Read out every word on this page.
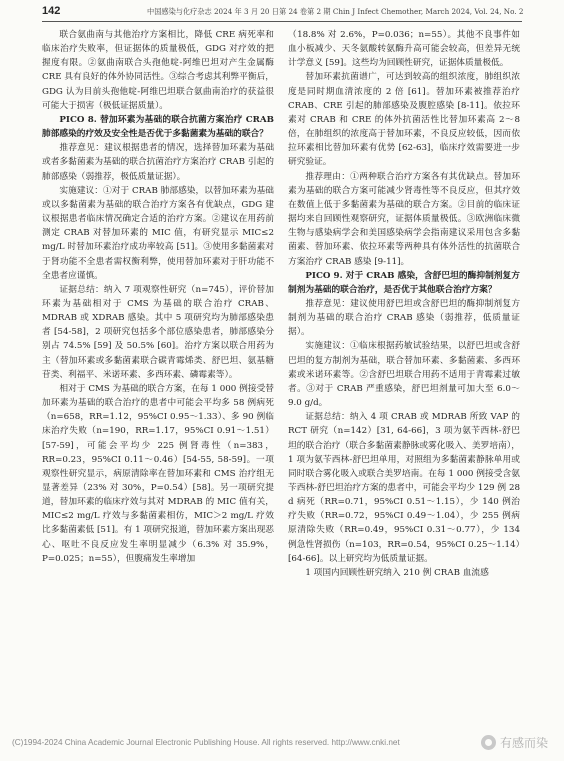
142	中国感染与化疗杂志 2024 年 3 月 20 日第 24 卷第 2 期 Chin J Infect Chemother, March 2024, Vol. 24, No. 2

联合氨曲南与其他治疗方案相比，降低 CRE 病死率和临床治疗失败率，但证据体的质量极低，GDG 对疗效的把握度有限。②氨曲南联合头孢他啶-阿维巴坦对产生金属酶 CRE 具有良好的体外协同活性。③综合考虑其利弊平衡后，GDG 认为目前头孢他啶-阿维巴坦联合氨曲南治疗的获益很可能大于损害（极低证据质量）。

PICO 8. 替加环素为基础的联合抗菌方案治疗 CRAB 肺部感染的疗效及安全性是否优于多黏菌素为基础的联合？

推荐意见：建议根据患者的情况，选择替加环素为基础或者多黏菌素为基础的联合抗菌治疗方案治疗 CRAB 引起的肺部感染（弱推荐，极低质量证据）。

实施建议：①对于 CRAB 肺部感染，以替加环素为基础或以多黏菌素为基础的联合治疗方案各有优缺点，GDG 建议根据患者临床情况确定合适的治疗方案。②建议在用药前测定 CRAB 对替加环素的 MIC 值，有研究显示 MIC≤2 mg/L 时替加环素治疗成功率较高 [51]。③使用多黏菌素对于肾功能不全患者需权衡利弊，使用替加环素对于肝功能不全患者应谨慎。

证据总结：纳入 7 项观察性研究（n=745），评价替加环素为基础相对于 CMS 为基础的联合治疗 CRAB、MDRAB 或 XDRAB 感染。其中 5 项研究均为肺部感染患者 [54-58]，2 项研究包括多个部位感染患者，肺部感染分别占 74.5% [59] 及 50.5% [60]。治疗方案以联合用药为主（替加环素或多黏菌素联合碳青霉烯类、舒巴坦、氨基糖苷类、利福平、米诺环素、多西环素、磷霉素等）。

相对于 CMS 为基础的联合方案，在每 1 000 例接受替加环素为基础的联合治疗的患者中可能会平均多 58 例病死（n=658，RR=1.12，95%CI 0.95～1.33）、多 90 例临床治疗失败（n=190，RR=1.17，95%CI 0.91～1.51）[57-59]，可能会平均少 225 例肾毒性（n=383，RR=0.23，95%CI 0.11～0.46）[54-55, 58-59]。一项观察性研究显示，病原清除率在替加环素和 CMS 治疗组无显著差异（23% 对 30%，P=0.54）[58]。另一项研究提道，替加环素的临床疗效与其对 MDRAB 的 MIC 值有关，MIC≤2 mg/L 疗效与多黏菌素相仿，MIC＞2 mg/L 疗效比多黏菌素低 [51]。有 1 项研究报道，替加环素方案出现恶心、呕吐不良反应发生率明显减少（6.3% 对 35.9%，P=0.025；n=55），但腹痛发生率增加

（18.8% 对 2.6%，P=0.036；n=55）。其他不良事件如血小板减少、天冬氨酸转氨酶升高可能会较高，但差异无统计学意义 [59]。这些均为回顾性研究，证据体质量极低。

替加环素抗菌谱广，可达到较高的组织浓度，肺组织浓度是同时期血清浓度的 2 倍 [61]。替加环素被推荐治疗 CRAB、CRE 引起的肺部感染及腹腔感染 [8-11]。依拉环素对 CRAB 和 CRE 的体外抗菌活性比替加环素高 2～8 倍，在肺组织的浓度高于替加环素，不良反应较低，因而依拉环素相比替加环素有优势 [62-63]，临床疗效需要进一步研究验证。

推荐理由：①两种联合治疗方案各有其优缺点。替加环素为基础的联合方案可能减少肾毒性等不良反应，但其疗效在数值上低于多黏菌素为基础的联合方案。②目前的临床证据均来自回顾性观察研究，证据体质量极低。③欧洲临床微生物与感染病学会和美国感染病学会指南建议采用包含多黏菌素、替加环素、依拉环素等两种具有体外活性的抗菌联合方案治疗 CRAB 感染 [9-11]。

PICO 9. 对于 CRAB 感染，含舒巴坦的酶抑制剂复方制剂为基础的联合治疗，是否优于其他联合治疗方案？

推荐意见：建议使用舒巴坦或含舒巴坦的酶抑制剂复方制剂为基础的联合治疗 CRAB 感染（弱推荐，低质量证据）。

实施建议：①临床根据药敏试验结果，以舒巴坦或含舒巴坦的复方制剂为基础，联合替加环素、多黏菌素、多西环素或米诺环素等。②含舒巴坦联合用药不适用于青霉素过敏者。③对于 CRAB 严重感染，舒巴坦剂量可加大至 6.0～9.0 g/d。

证据总结：纳入 4 项 CRAB 或 MDRAB 所致 VAP 的 RCT 研究（n=142）[31, 64-66]，3 项为氨苄西林-舒巴坦的联合治疗（联合多黏菌素静脉或雾化吸入、美罗培南），1 项为氨苄西林-舒巴坦单用，对照组为多黏菌素静脉单用或同时联合雾化吸入或联合美罗培南。在每 1 000 例接受含氨苄西林-舒巴坦治疗方案的患者中，可能会平均少 129 例 28 d 病死（RR=0.71，95%CI 0.51～1.15），少 140 例治疗失败（RR=0.72，95%CI 0.49～1.04），少 255 例病原清除失败（RR=0.49，95%CI 0.31～0.77），少 134 例急性肾损伤（n=103，RR=0.54，95%CI 0.25～1.14）[64-66]。以上研究均为低质量证据。

1 项国内回顾性研究纳入 210 例 CRAB 血流感

(C)1994-2024 China Academic Journal Electronic Publishing House. All rights reserved. http://www.cnki.net	有感而染
